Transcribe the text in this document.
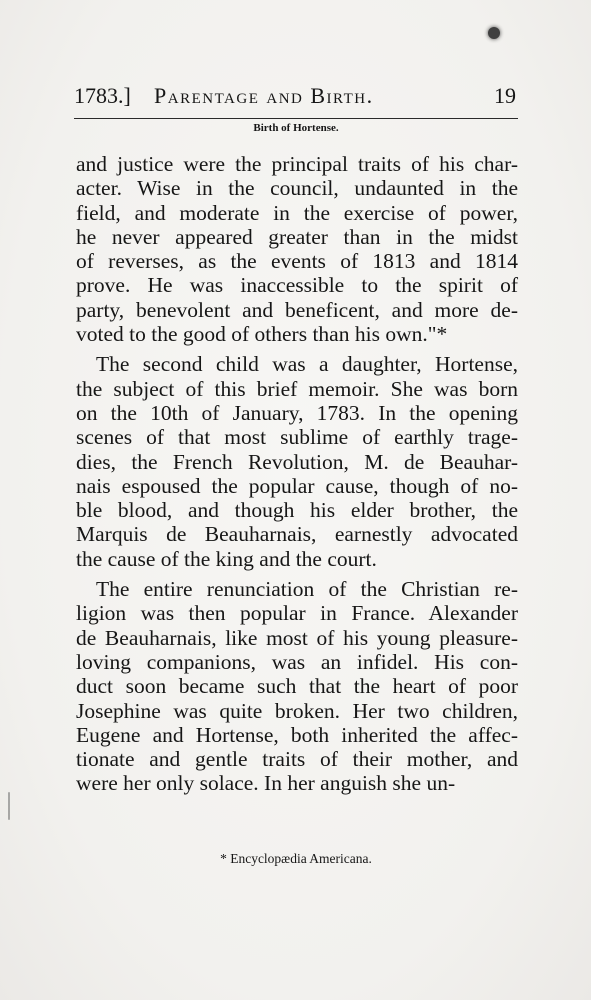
1783.] Parentage and Birth.	19
Birth of Hortense.
and justice were the principal traits of his char-
acter. Wise in the council, undaunted in the
field, and moderate in the exercise of power,
he never appeared greater than in the midst
of reverses, as the events of 1813 and 1814
prove. He was inaccessible to the spirit of
party, benevolent and beneficent, and more de-
voted to the good of others than his own."*
The second child was a daughter, Hortense,
the subject of this brief memoir. She was born
on the 10th of January, 1783. In the opening
scenes of that most sublime of earthly trage-
dies, the French Revolution, M. de Beauhar-
nais espoused the popular cause, though of no-
ble blood, and though his elder brother, the
Marquis de Beauharnais, earnestly advocated
the cause of the king and the court.
The entire renunciation of the Christian re-
ligion was then popular in France. Alexander
de Beauharnais, like most of his young pleasure-
loving companions, was an infidel. His con-
duct soon became such that the heart of poor
Josephine was quite broken. Her two children,
Eugene and Hortense, both inherited the affec-
tionate and gentle traits of their mother, and
were her only solace. In her anguish she un-
* Encyclopædia Americana.
